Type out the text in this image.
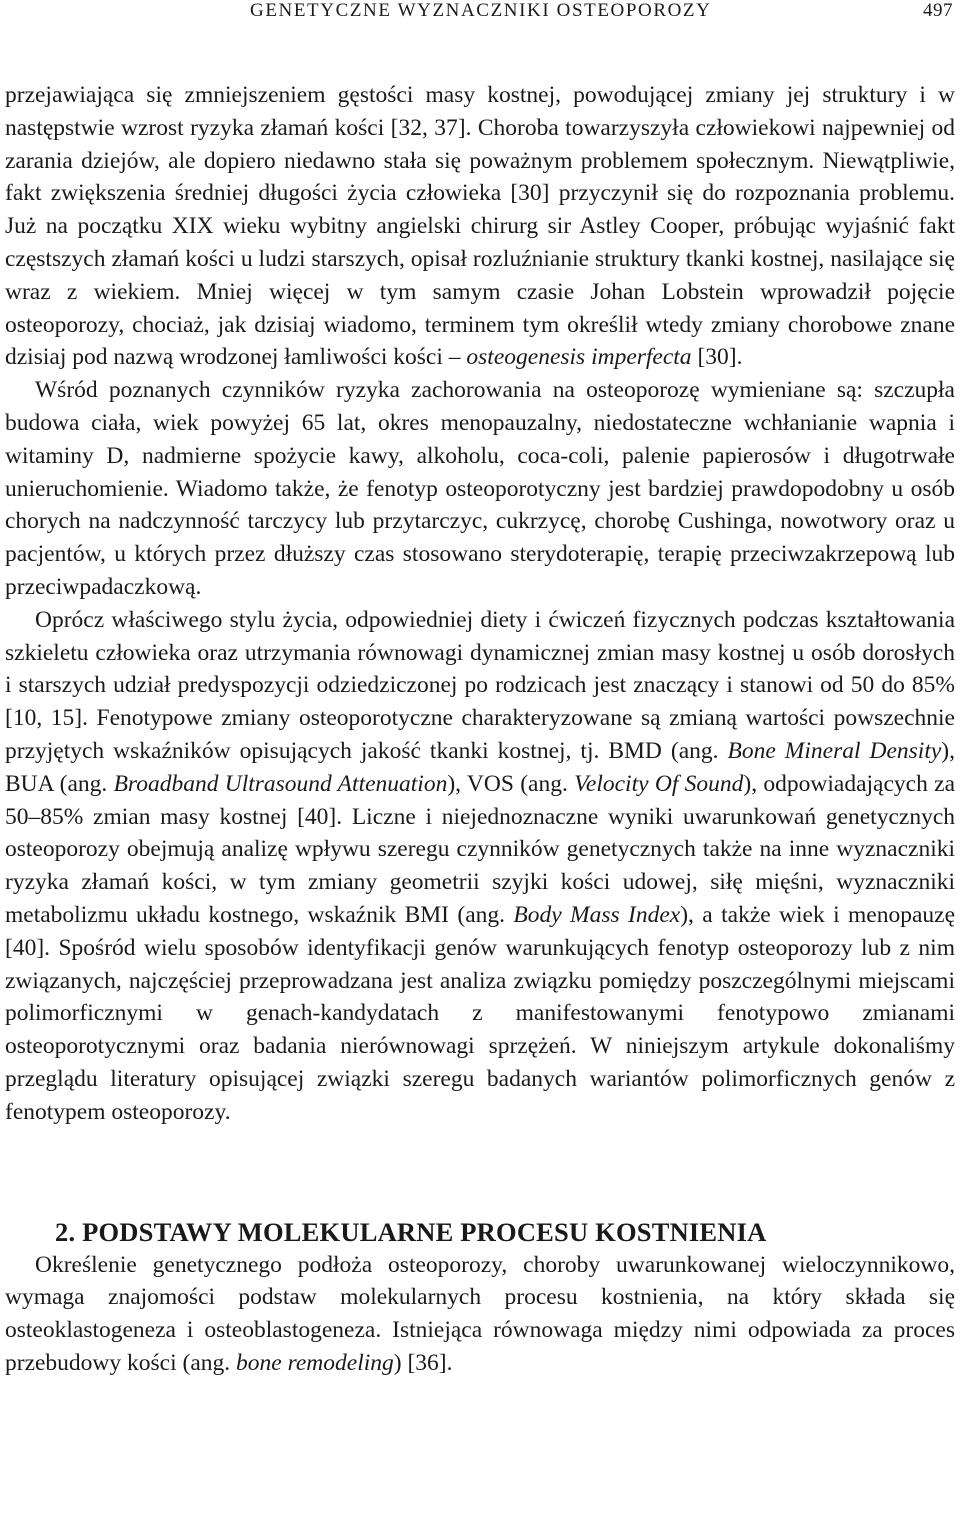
GENETYCZNE WYZNACZNIKI OSTEOPOROZY	497

przejawiająca się zmniejszeniem gęstości masy kostnej, powodującej zmiany jej struktury i w następstwie wzrost ryzyka złamań kości [32, 37]. Choroba towarzyszyła człowiekowi najpewniej od zarania dziejów, ale dopiero niedawno stała się poważnym problemem społecznym. Niewątpliwie, fakt zwiększenia średniej długości życia człowieka [30] przyczynił się do rozpoznania problemu. Już na początku XIX wieku wybitny angielski chirurg sir Astley Cooper, próbując wyjaśnić fakt częstszych złamań kości u ludzi starszych, opisał rozluźnianie struktury tkanki kostnej, nasilające się wraz z wiekiem. Mniej więcej w tym samym czasie Johan Lobstein wprowadził pojęcie osteoporozy, chociaż, jak dzisiaj wiadomo, terminem tym określił wtedy zmiany chorobowe znane dzisiaj pod nazwą wrodzonej łamliwości kości – osteogenesis imperfecta [30].

Wśród poznanych czynników ryzyka zachorowania na osteoporozę wymieniane są: szczupła budowa ciała, wiek powyżej 65 lat, okres menopauzalny, niedostateczne wchłanianie wapnia i witaminy D, nadmierne spożycie kawy, alkoholu, coca-coli, palenie papierosów i długotrwałe unieruchomienie. Wiadomo także, że fenotyp osteoporotyczny jest bardziej prawdopodobny u osób chorych na nadczynność tarczycy lub przytarczyc, cukrzycę, chorobę Cushinga, nowotwory oraz u pacjentów, u których przez dłuższy czas stosowano sterydoterapię, terapię przeciwzakrzepową lub przeciwpadaczkową.

Oprócz właściwego stylu życia, odpowiedniej diety i ćwiczeń fizycznych podczas kształtowania szkieletu człowieka oraz utrzymania równowagi dynamicznej zmian masy kostnej u osób dorosłych i starszych udział predyspozycji odziedziczonej po rodzicach jest znaczący i stanowi od 50 do 85% [10, 15]. Fenotypowe zmiany osteoporotyczne charakteryzowane są zmianą wartości powszechnie przyjętych wskaźników opisujących jakość tkanki kostnej, tj. BMD (ang. Bone Mineral Density), BUA (ang. Broadband Ultrasound Attenuation), VOS (ang. Velocity Of Sound), odpowiadających za 50–85% zmian masy kostnej [40]. Liczne i niejednoznaczne wyniki uwarunkowań genetycznych osteoporozy obejmują analizę wpływu szeregu czynników genetycznych także na inne wyznaczniki ryzyka złamań kości, w tym zmiany geometrii szyjki kości udowej, siłę mięśni, wyznaczniki metabolizmu układu kostnego, wskaźnik BMI (ang. Body Mass Index), a także wiek i menopauzę [40]. Spośród wielu sposobów identyfikacji genów warunkujących fenotyp osteoporozy lub z nim związanych, najczęściej przeprowadzana jest analiza związku pomiędzy poszczególnymi miejscami polimorficznymi w genach-kandydatach z manifestowanymi fenotypowo zmianami osteoporotycznymi oraz badania nierównowagi sprzężeń. W niniejszym artykule dokonaliśmy przeglądu literatury opisującej związki szeregu badanych wariantów polimorficznych genów z fenotypem osteoporozy.

2. PODSTAWY MOLEKULARNE PROCESU KOSTNIENIA

Określenie genetycznego podłoża osteoporozy, choroby uwarunkowanej wieloczynnikowo, wymaga znajomości podstaw molekularnych procesu kostnienia, na który składa się osteoklastogeneza i osteoblastogeneza. Istniejąca równowaga między nimi odpowiada za proces przebudowy kości (ang. bone remodeling) [36].
